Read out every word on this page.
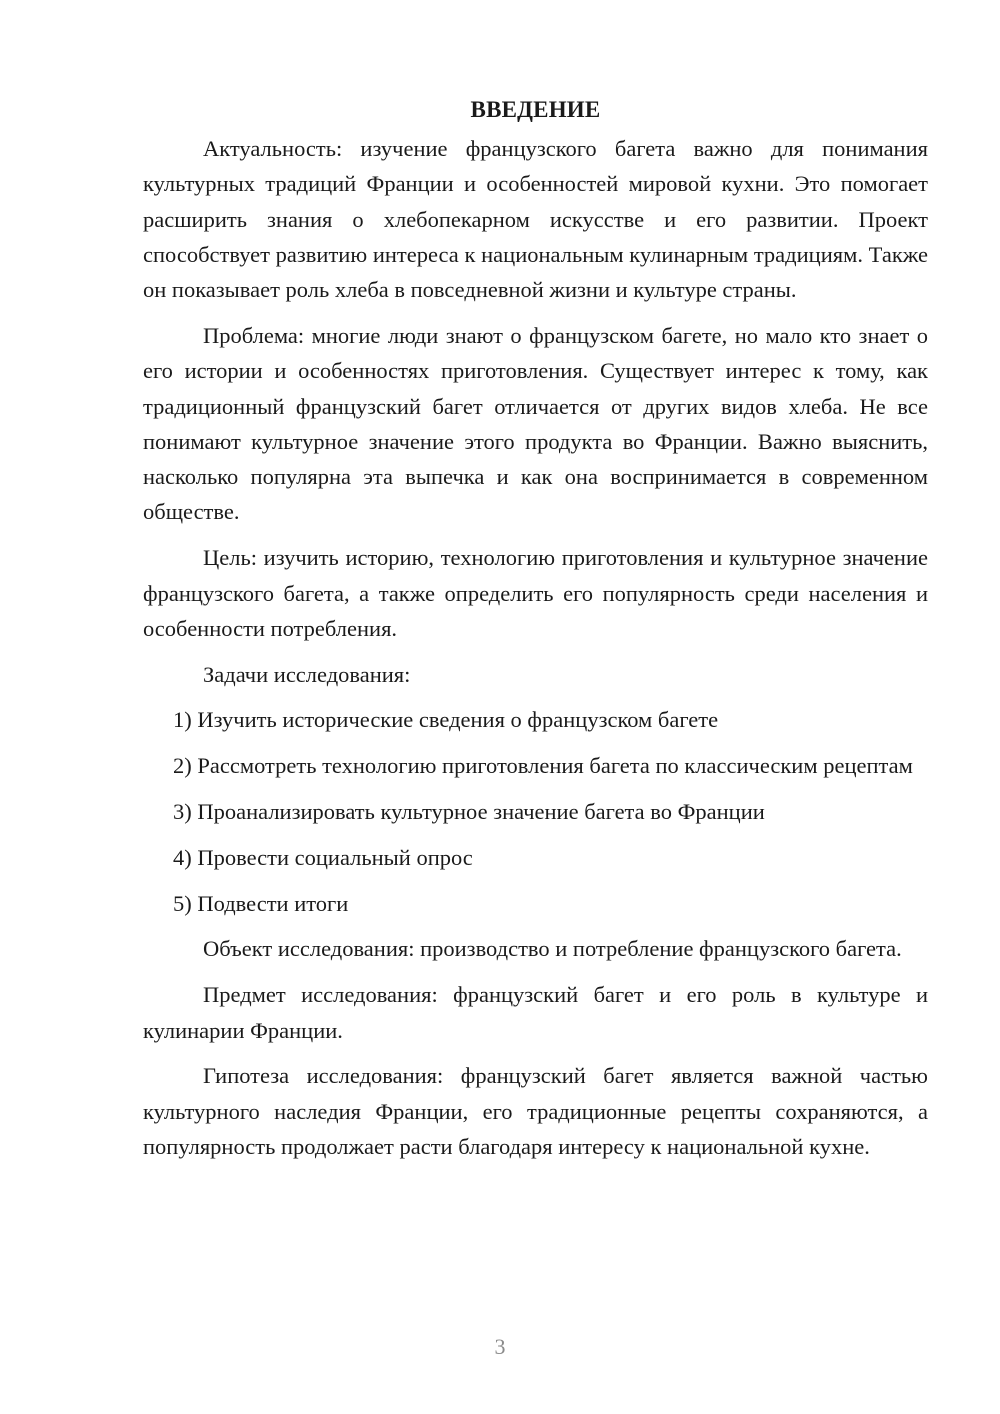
ВВЕДЕНИЕ

Актуальность: изучение французского багета важно для понимания культурных традиций Франции и особенностей мировой кухни. Это помогает расширить знания о хлебопекарном искусстве и его развитии. Проект способствует развитию интереса к национальным кулинарным традициям. Также он показывает роль хлеба в повседневной жизни и культуре страны.

Проблема: многие люди знают о французском багете, но мало кто знает о его истории и особенностях приготовления. Существует интерес к тому, как традиционный французский багет отличается от других видов хлеба. Не все понимают культурное значение этого продукта во Франции. Важно выяснить, насколько популярна эта выпечка и как она воспринимается в современном обществе.

Цель: изучить историю, технологию приготовления и культурное значение французского багета, а также определить его популярность среди населения и особенности потребления.

Задачи исследования:

1) Изучить исторические сведения о французском багете

2) Рассмотреть технологию приготовления багета по классическим рецептам

3) Проанализировать культурное значение багета во Франции

4) Провести социальный опрос

5) Подвести итоги

Объект исследования: производство и потребление французского багета.

Предмет исследования: французский багет и его роль в культуре и кулинарии Франции.

Гипотеза исследования: французский багет является важной частью культурного наследия Франции, его традиционные рецепты сохраняются, а популярность продолжает расти благодаря интересу к национальной кухне.

3
